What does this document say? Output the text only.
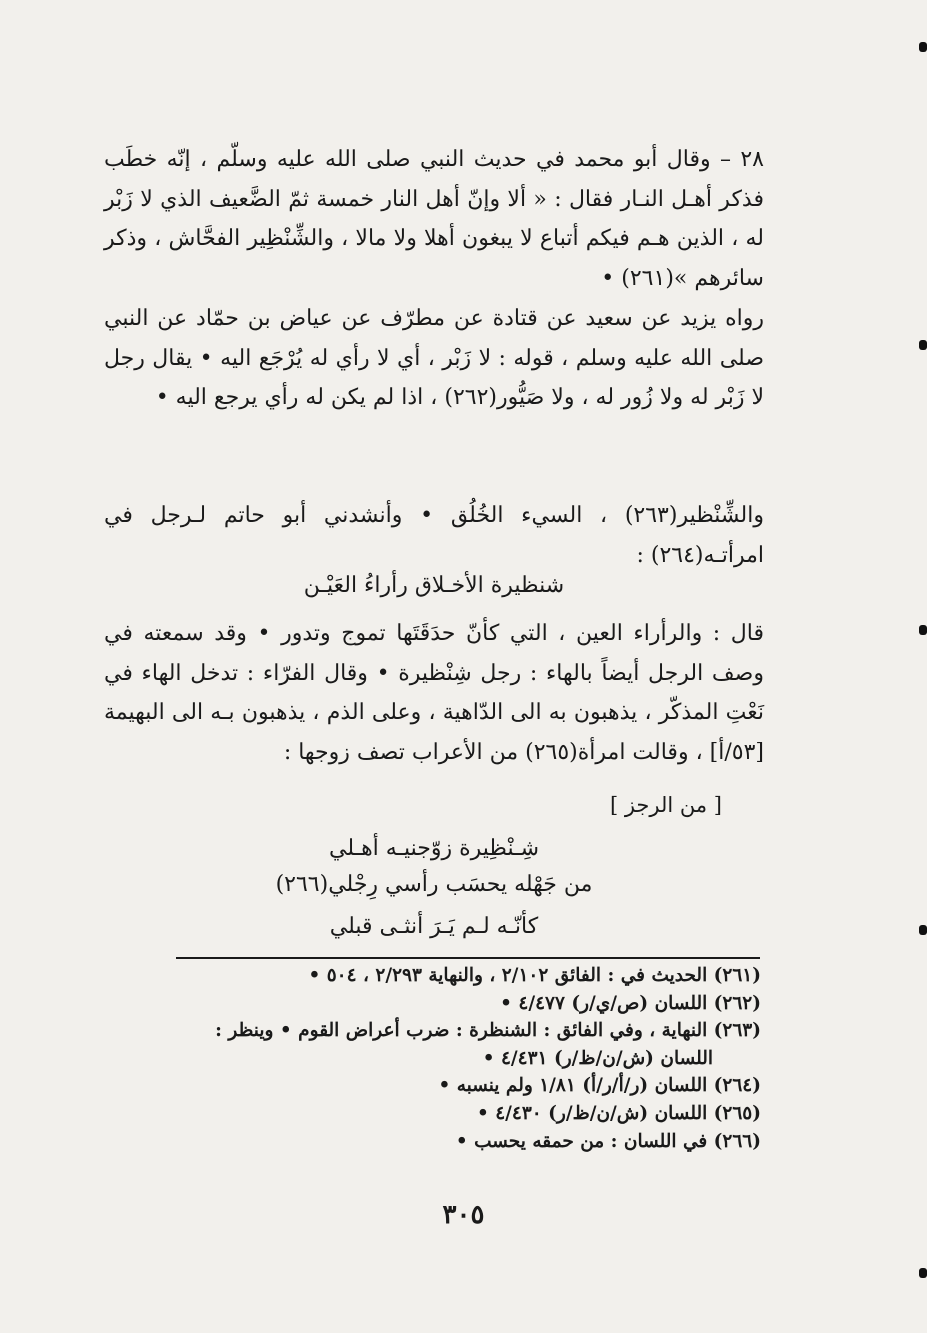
٢٨ – وقال أبو محمد في حديث النبي صلى الله عليه وسلّم ، إنّه خطَب فذكر أهـل النـار فقال : « ألا وإنّ أهل النار خمسة ثمّ الضَّعيف الذي لا زَبْر له ، الذين هـم فيكم أتباع لا يبغون أهلا ولا مالا ، والشِّنْظِير الفحَّاش ، وذكر سائرهم »(٢٦١) •

رواه يزيد عن سعيد عن قتادة عن مطرّف عن عياض بن حمّاد عن النبي صلى الله عليه وسلم ، قوله : لا زَبْر ، أي لا رأي له يُرْجَع اليه • يقال رجل لا زَبْر له ولا زُور له ، ولا صَيُّور(٢٦٢) ، اذا لم يكن له رأي يرجع اليه •

والشِّنْظير(٢٦٣) ، السيء الخُلُق • وأنشدني أبو حاتم لـرجل في امرأتـه(٢٦٤) :

شنظيرة الأخـلاق رأراءُ العَيْـن

قال : والرأراء العين ، التي كأنّ حدَقَتَها تموج وتدور • وقد سمعته في وصف الرجل أيضاً بالهاء : رجل شِنْظيرة • وقال الفرّاء : تدخل الهاء في نَعْتِ المذكّر ، يذهبون به الى الدّاهية ، وعلى الذم ، يذهبون بـه الى البهيمة [٥٣/أ] ، وقالت امرأة(٢٦٥) من الأعراب تصف زوجها :

[ من الرجز ]

شِـنْظِيرة زوّجنيـه أهـلي

من جَهْله يحسَب رأسي رِجْلي(٢٦٦)

كأنّـه لـم يَـرَ أنثـى قبلي

(٢٦١) الحديث في : الفائق ٢/١٠٢ ، والنهاية ٢/٢٩٣ ، ٥٠٤ •
(٢٦٢) اللسان (ص/ي/ر) ٤/٤٧٧ •
(٢٦٣) النهاية ، وفي الفائق : الشنظرة : ضرب أعراض القوم • وينظر :
اللسان (ش/ن/ظ/ر) ٤/٤٣١ •
(٢٦٤) اللسان (ر/أ/ر/أ) ١/٨١ ولم ينسبه •
(٢٦٥) اللسان (ش/ن/ظ/ر) ٤/٤٣٠ •
(٢٦٦) في اللسان : من حمقه يحسب •
٣٠٥
